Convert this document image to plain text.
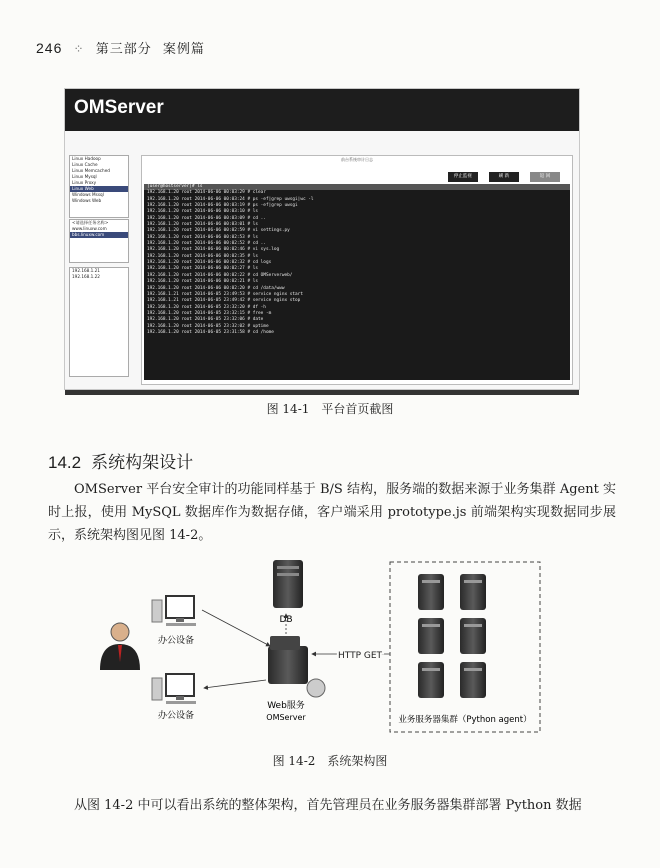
246 ⁘ 第三部分 案例篇
OMServer
Linux Hadoop
Linux Cache
Linux Memcached
Linux Mysql
Linux Proxy
Linux Web
Windows Mssql
Windows Web
<请选择任务名称>
www.linuxw.com
bbs.linuxw.com
192.168.1.21
192.168.1.22
前台系统审计日志
停止监视	刷 新	返 回
[user@hostserver]# ls
192.168.1.20 root 2014-06-06 00:03:29 # clear
192.168.1.20 root 2014-06-06 00:03:24 # ps -ef|grep uwsgi|wc -l
192.168.1.20 root 2014-06-06 00:03:19 # ps -ef|grep uwsgi
192.168.1.20 root 2014-06-06 00:03:10 # ls
192.168.1.20 root 2014-06-06 00:03:09 # cd ..
192.168.1.20 root 2014-06-06 00:03:01 # ls
192.168.1.20 root 2014-06-06 00:02:59 # vi settings.py
192.168.1.20 root 2014-06-06 00:02:53 # ls
192.168.1.20 root 2014-06-06 00:02:52 # cd ..
192.168.1.20 root 2014-06-06 00:02:46 # vi sys.log
192.168.1.20 root 2014-06-06 00:02:35 # ls
192.168.1.20 root 2014-06-06 00:02:32 # cd logs
192.168.1.20 root 2014-06-06 00:02:27 # ls
192.168.1.20 root 2014-06-06 00:02:22 # cd OMServerweb/
192.168.1.20 root 2014-06-06 00:02:21 # ls
192.168.1.20 root 2014-06-06 00:02:20 # cd /data/www
192.168.1.21 root 2014-06-05 23:49:53 # service nginx start
192.168.1.21 root 2014-06-05 23:49:42 # service nginx stop
192.168.1.20 root 2014-06-05 23:32:20 # df -h
192.168.1.20 root 2014-06-05 23:32:15 # free -m
192.168.1.20 root 2014-06-05 23:32:06 # date
192.168.1.20 root 2014-06-05 23:32:02 # uptime
192.168.1.20 root 2014-06-05 23:31:58 # cd /home
图 14-1　平台首页截图
14.2 系统构架设计
OMServer 平台安全审计的功能同样基于 B/S 结构，服务端的数据来源于业务集群 Agent 实时上报，使用 MySQL 数据库作为数据存储，客户端采用 prototype.js 前端架构实现数据同步展示，系统架构图见图 14-2。
DB
办公设备
办公设备
Web服务
OMServer
HTTP GET
业务服务器集群（Python agent）
图 14-2　系统架构图
从图 14-2 中可以看出系统的整体架构，首先管理员在业务服务器集群部署 Python 数据
